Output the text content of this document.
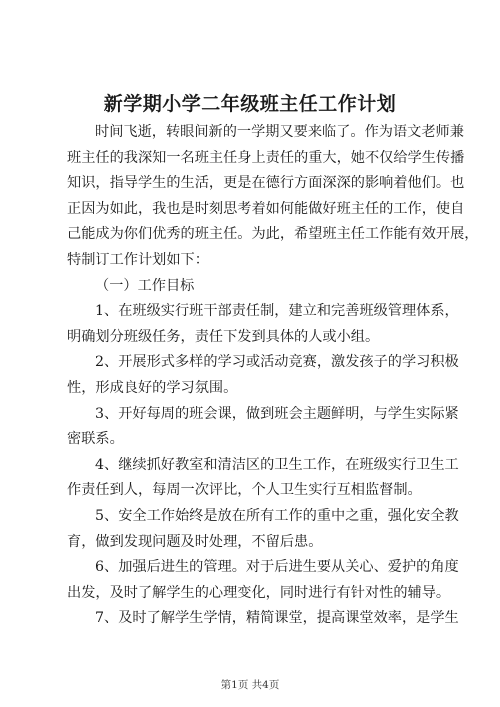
新学期小学二年级班主任工作计划
时间飞逝，转眼间新的一学期又要来临了。作为语文老师兼
班主任的我深知一名班主任身上责任的重大，她不仅给学生传播
知识，指导学生的生活，更是在德行方面深深的影响着他们。也
正因为如此，我也是时刻思考着如何能做好班主任的工作，使自
己能成为你们优秀的班主任。为此，希望班主任工作能有效开展，
特制订工作计划如下：
（一）工作目标
1、在班级实行班干部责任制，建立和完善班级管理体系，
明确划分班级任务，责任下发到具体的人或小组。
2、开展形式多样的学习或活动竞赛，激发孩子的学习积极
性，形成良好的学习氛围。
3、开好每周的班会课，做到班会主题鲜明，与学生实际紧
密联系。
4、继续抓好教室和清洁区的卫生工作，在班级实行卫生工
作责任到人，每周一次评比，个人卫生实行互相监督制。
5、安全工作始终是放在所有工作的重中之重，强化安全教
育，做到发现问题及时处理，不留后患。
6、加强后进生的管理。对于后进生要从关心、爱护的角度
出发，及时了解学生的心理变化，同时进行有针对性的辅导。
7、及时了解学生学情，精简课堂，提高课堂效率，是学生
第1页 共4页
